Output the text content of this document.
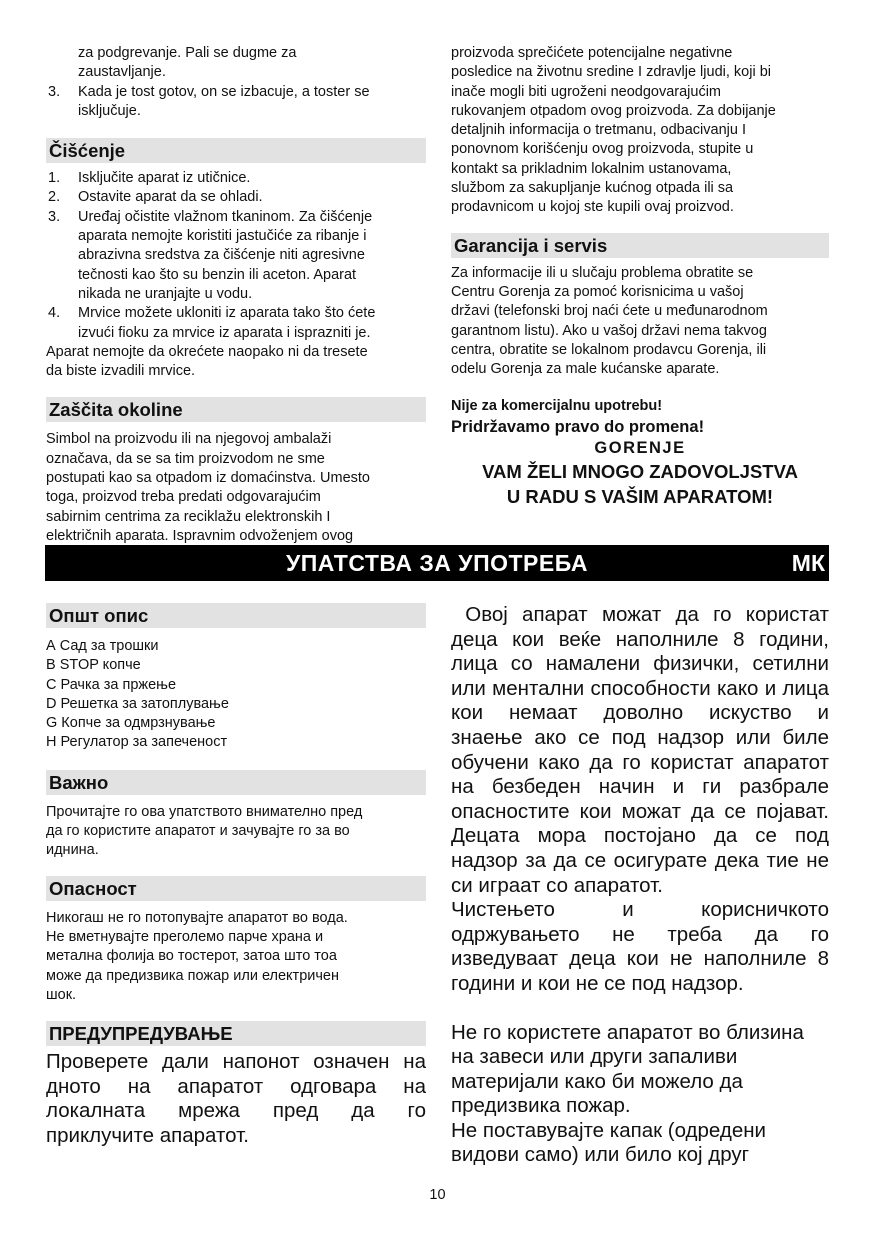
za podgrevanje. Pali se dugme za
zaustavljanje.
3. Kada je tost gotov, on se izbacuje, a toster se
isključuje.
Čišćenje
1. Isključite aparat iz utičnice.
2. Ostavite aparat da se ohladi.
3. Uređaj očistite vlažnom tkaninom. Za čišćenje
aparata nemojte koristiti jastučiće za ribanje i
abrazivna sredstva za čišćenje niti agresivne
tečnosti kao što su benzin ili aceton. Aparat
nikada ne uranjajte u vodu.
4. Mrvice možete ukloniti iz aparata tako što ćete
izvući fioku za mrvice iz aparata i isprazniti je.
Aparat nemojte da okrećete naopako ni da tresete
da biste izvadili mrvice.
Zaščita okoline
Simbol na proizvodu ili na njegovoj ambalaži
označava, da se sa tim proizvodom ne sme
postupati kao sa otpadom iz domaćinstva. Umesto
toga, proizvod treba predati odgovarajućim
sabirnim centrima za reciklažu elektronskih I
električnih aparata. Ispravnim odvoženjem ovog
proizvoda sprečićete potencijalne negativne
posledice na životnu sredine I zdravlje ljudi, koji bi
inače mogli biti ugroženi neodgovarajućim
rukovanjem otpadom ovog proizvoda. Za dobijanje
detaljnih informacija o tretmanu, odbacivanju I
ponovnom korišćenju ovog proizvoda, stupite u
kontakt sa prikladnim lokalnim ustanovama,
službom za sakupljanje kućnog otpada ili sa
prodavnicom u kojoj ste kupili ovaj proizvod.
Garancija i servis
Za informacije ili u slučaju problema obratite se
Centru Gorenja za pomoć korisnicima u vašoj
državi (telefonski broj naći ćete u međunarodnom
garantnom listu). Ako u vašoj državi nema takvog
centra, obratite se lokalnom prodavcu Gorenja, ili
odelu Gorenja za male kućanske aparate.
Nije za komercijalnu upotrebu!
Pridržavamo pravo do promena!
GORENJE
VAM ŽELI MNOGO ZADOVOLJSTVA
U RADU S VAŠIM APARATOM!
УПАТСТВА ЗА УПОТРЕБА	МК
Општ опис
А Сад за трошки
B STOP копче
C Рачка за пржење
D Решетка за затоплување
G Копче за одмрзнување
H Регулатор за запеченост
Важно
Прочитајте го ова упатството внимателно пред
да го користите апаратот и зачувајте го за во
иднина.
Опасност
Никогаш не го потопувајте апаратот во вода.
Не вметнувајте преголемо парче храна и
метална фолија во тостерот, затоа што тоа
може да предизвика пожар или електричен
шок.
ПРЕДУПРЕДУВАЊЕ
Проверете дали напонот означен на
дното на апаратот одговара на
локалната мрежа пред да го
приклучите апаратот.
Овој апарат можат да го користат
деца кои веќе наполниле 8 години,
лица со намалени физички, сетилни
или ментални способности како и лица
кои немаат доволно искуство и
знаење ако се под надзор или биле
обучени како да го користат апаратот
на безбеден начин и ги разбрале
опасностите кои можат да се појават.
Децата мора постојано да се под
надзор за да се осигурате дека тие не
си играат со апаратот.
Чистењето и корисничкото
одржувањето не треба да го
изведуваат деца кои не наполниле 8
години и кои не се под надзор.
Не го користете апаратот во близина
на завеси или други запаливи
материјали како би можело да
предизвика пожар.
Не поставувајте капак (одредени
видови само) или било кој друг
10
